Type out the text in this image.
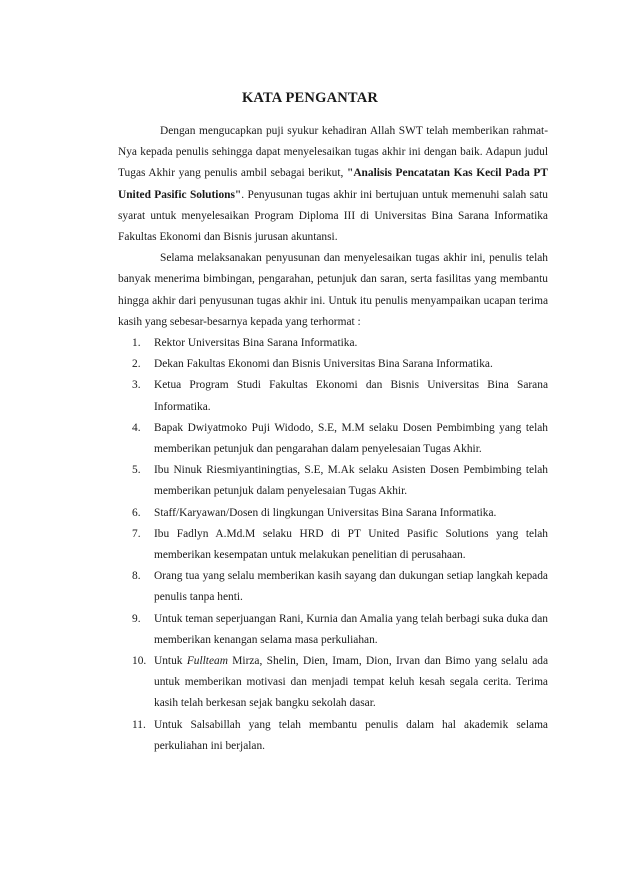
KATA PENGANTAR

Dengan mengucapkan puji syukur kehadiran Allah SWT telah memberikan rahmat-Nya kepada penulis sehingga dapat menyelesaikan tugas akhir ini dengan baik. Adapun judul Tugas Akhir yang penulis ambil sebagai berikut, "Analisis Pencatatan Kas Kecil Pada PT United Pasific Solutions". Penyusunan tugas akhir ini bertujuan untuk memenuhi salah satu syarat untuk menyelesaikan Program Diploma III di Universitas Bina Sarana Informatika Fakultas Ekonomi dan Bisnis jurusan akuntansi.

Selama melaksanakan penyusunan dan menyelesaikan tugas akhir ini, penulis telah banyak menerima bimbingan, pengarahan, petunjuk dan saran, serta fasilitas yang membantu hingga akhir dari penyusunan tugas akhir ini. Untuk itu penulis menyampaikan ucapan terima kasih yang sebesar-besarnya kepada yang terhormat :

1. Rektor Universitas Bina Sarana Informatika.
2. Dekan Fakultas Ekonomi dan Bisnis Universitas Bina Sarana Informatika.
3. Ketua Program Studi Fakultas Ekonomi dan Bisnis Universitas Bina Sarana Informatika.
4. Bapak Dwiyatmoko Puji Widodo, S.E, M.M selaku Dosen Pembimbing yang telah memberikan petunjuk dan pengarahan dalam penyelesaian Tugas Akhir.
5. Ibu Ninuk Riesmiyantiningtias, S.E, M.Ak selaku Asisten Dosen Pembimbing telah memberikan petunjuk dalam penyelesaian Tugas Akhir.
6. Staff/Karyawan/Dosen di lingkungan Universitas Bina Sarana Informatika.
7. Ibu Fadlyn A.Md.M selaku HRD di PT United Pasific Solutions yang telah memberikan kesempatan untuk melakukan penelitian di perusahaan.
8. Orang tua yang selalu memberikan kasih sayang dan dukungan setiap langkah kepada penulis tanpa henti.
9. Untuk teman seperjuangan Rani, Kurnia dan Amalia yang telah berbagi suka duka dan memberikan kenangan selama masa perkuliahan.
10. Untuk Fullteam Mirza, Shelin, Dien, Imam, Dion, Irvan dan Bimo yang selalu ada untuk memberikan motivasi dan menjadi tempat keluh kesah segala cerita. Terima kasih telah berkesan sejak bangku sekolah dasar.
11. Untuk Salsabillah yang telah membantu penulis dalam hal akademik selama perkuliahan ini berjalan.
